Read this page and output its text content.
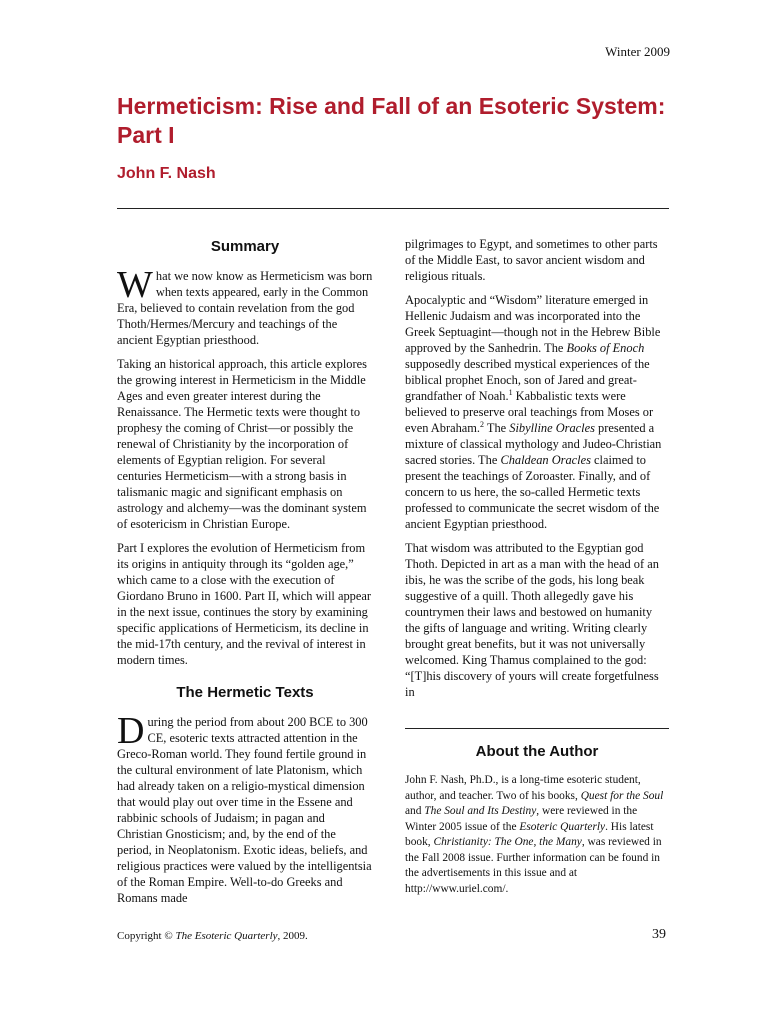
Winter 2009
Hermeticism: Rise and Fall of an Esoteric System: Part I
John F. Nash
Summary

What we now know as Hermeticism was born when texts appeared, early in the Common Era, believed to contain revelation from the god Thoth/Hermes/Mercury and teachings of the ancient Egyptian priesthood.

Taking an historical approach, this article explores the growing interest in Hermeticism in the Middle Ages and even greater interest during the Renaissance. The Hermetic texts were thought to prophesy the coming of Christ—or possibly the renewal of Christianity by the incorporation of elements of Egyptian religion. For several centuries Hermeticism—with a strong basis in talismanic magic and significant emphasis on astrology and alchemy—was the dominant system of esotericism in Christian Europe.

Part I explores the evolution of Hermeticism from its origins in antiquity through its “golden age,” which came to a close with the execution of Giordano Bruno in 1600. Part II, which will appear in the next issue, continues the story by examining specific applications of Hermeticism, its decline in the mid-17th century, and the revival of interest in modern times.

The Hermetic Texts

During the period from about 200 BCE to 300 CE, esoteric texts attracted attention in the Greco-Roman world. They found fertile ground in the cultural environment of late Platonism, which had already taken on a religio-mystical dimension that would play out over time in the Essene and rabbinic schools of Judaism; in pagan and Christian Gnosticism; and, by the end of the period, in Neoplatonism. Exotic ideas, beliefs, and religious practices were valued by the intelligentsia of the Roman Empire. Well-to-do Greeks and Romans made

pilgrimages to Egypt, and sometimes to other parts of the Middle East, to savor ancient wisdom and religious rituals.

Apocalyptic and “Wisdom” literature emerged in Hellenic Judaism and was incorporated into the Greek Septuagint—though not in the Hebrew Bible approved by the Sanhedrin. The Books of Enoch supposedly described mystical experiences of the biblical prophet Enoch, son of Jared and great-grandfather of Noah.$^1$ Kabbalistic texts were believed to preserve oral teachings from Moses or even Abraham.$^2$ The Sibylline Oracles presented a mixture of classical mythology and Judeo-Christian sacred stories. The Chaldean Oracles claimed to present the teachings of Zoroaster. Finally, and of concern to us here, the so-called Hermetic texts professed to communicate the secret wisdom of the ancient Egyptian priesthood.

That wisdom was attributed to the Egyptian god Thoth. Depicted in art as a man with the head of an ibis, he was the scribe of the gods, his long beak suggestive of a quill. Thoth allegedly gave his countrymen their laws and bestowed on humanity the gifts of language and writing. Writing clearly brought great benefits, but it was not universally welcomed. King Thamus complained to the god: “[T]his discovery of yours will create forgetfulness in

About the Author

John F. Nash, Ph.D., is a long-time esoteric student, author, and teacher. Two of his books, Quest for the Soul and The Soul and Its Destiny, were reviewed in the Winter 2005 issue of the Esoteric Quarterly. His latest book, Christianity: The One, the Many, was reviewed in the Fall 2008 issue. Further information can be found in the advertisements in this issue and at http://www.uriel.com/.

Copyright © The Esoteric Quarterly, 2009.	39
